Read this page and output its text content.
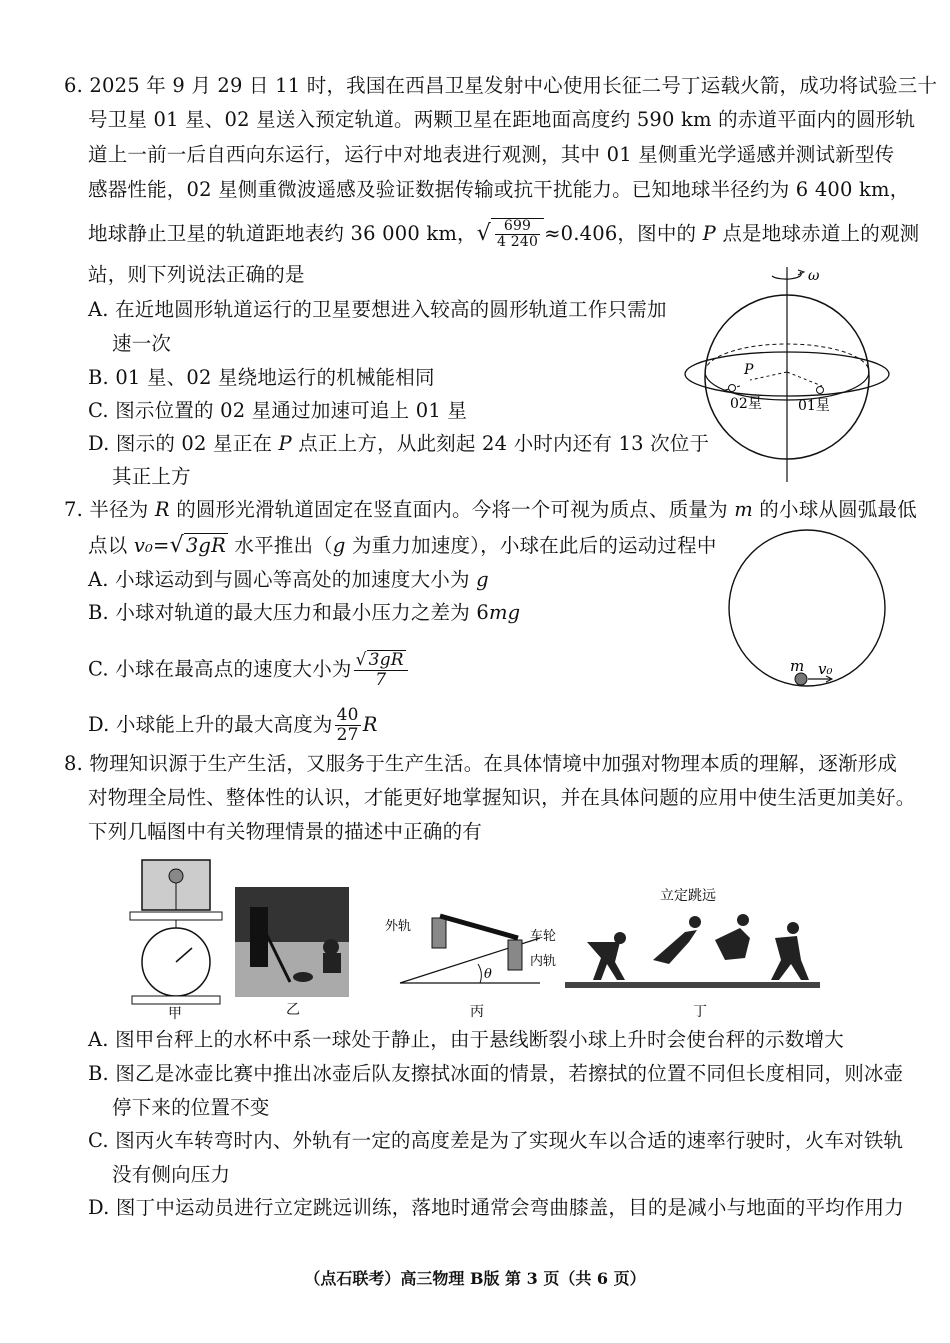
6. 2025 年 9 月 29 日 11 时，我国在西昌卫星发射中心使用长征二号丁运载火箭，成功将试验三十
号卫星 01 星、02 星送入预定轨道。两颗卫星在距地面高度约 590 km 的赤道平面内的圆形轨
道上一前一后自西向东运行，运行中对地表进行观测，其中 01 星侧重光学遥感并测试新型传
感器性能，02 星侧重微波遥感及验证数据传输或抗干扰能力。已知地球半径约为 6 400 km，
地球静止卫星的轨道距地表约 36 000 km，√ $\frac{699}{4 240} \approx 0.406$，图中的 P 点是地球赤道上的观测
站，则下列说法正确的是
A. 在近地圆形轨道运行的卫星要想进入较高的圆形轨道工作只需加
速一次
B. 01 星、02 星绕地运行的机械能相同
C. 图示位置的 02 星通过加速可追上 01 星
D. 图示的 02 星正在 P 点正上方，从此刻起 24 小时内还有 13 次位于
其正上方
ω
P
02星	01星
7. 半径为 R 的圆形光滑轨道固定在竖直面内。今将一个可视为质点、质量为 m 的小球从圆弧最低
点以 v₀=√ 3gR 水平推出（g 为重力加速度），小球在此后的运动过程中
A. 小球运动到与圆心等高处的加速度大小为 g
B. 小球对轨道的最大压力和最小压力之差为 6mg
C. 小球在最高点的速度大小为 $\frac{√ 3gR}{7}$
D. 小球能上升的最大高度为 $\frac{40}{27}$ R
m v₀
8. 物理知识源于生产生活，又服务于生产生活。在具体情境中加强对物理本质的理解，逐渐形成
对物理全局性、整体性的认识，才能更好地掌握知识，并在具体问题的应用中使生活更加美好。
下列几幅图中有关物理情景的描述中正确的有
甲	乙
θ
外轨
车轮
内轨
丙
立定跳远
丁
A. 图甲台秤上的水杯中系一球处于静止，由于悬线断裂小球上升时会使台秤的示数增大
B. 图乙是冰壶比赛中推出冰壶后队友擦拭冰面的情景，若擦拭的位置不同但长度相同，则冰壶
停下来的位置不变
C. 图丙火车转弯时内、外轨有一定的高度差是为了实现火车以合适的速率行驶时，火车对铁轨
没有侧向压力
D. 图丁中运动员进行立定跳远训练，落地时通常会弯曲膝盖，目的是减小与地面的平均作用力
（点石联考）高三物理 B版 第 3 页（共 6 页）
